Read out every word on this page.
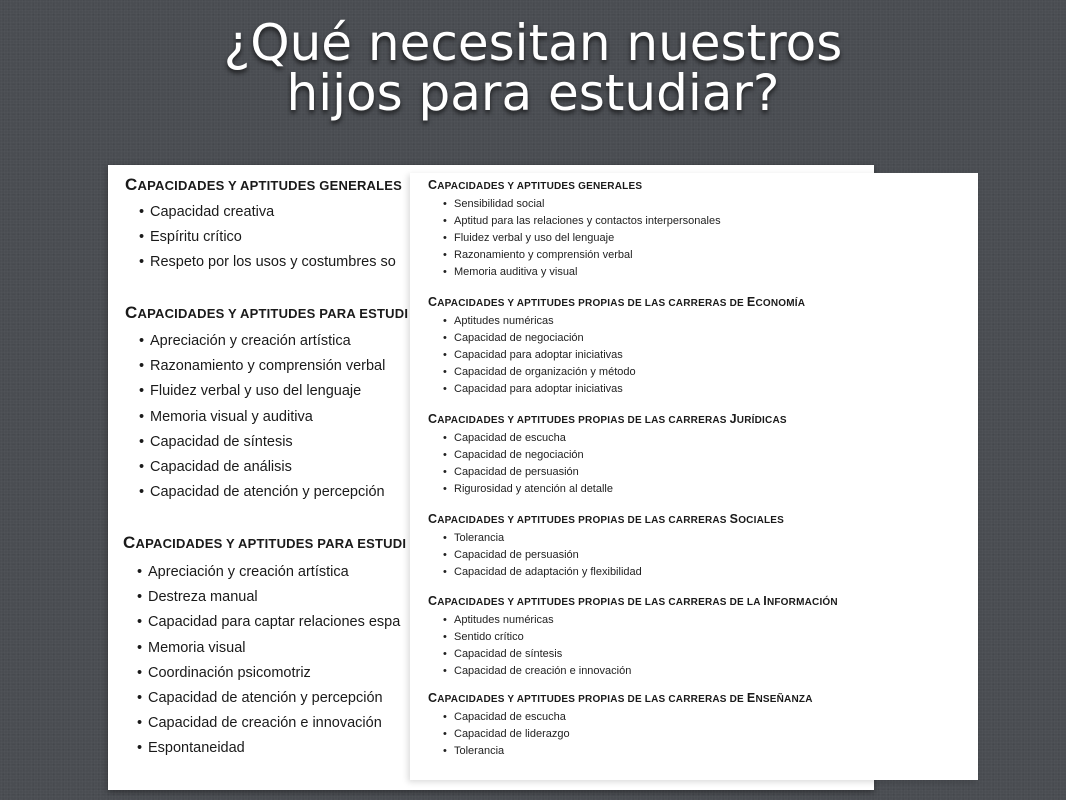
¿Qué necesitan nuestros
hijos para estudiar?
CAPACIDADES Y APTITUDES GENERALES
• Capacidad creativa
• Espíritu crítico
• Respeto por los usos y costumbres so
CAPACIDADES Y APTITUDES PARA ESTUDI
• Apreciación y creación artística
• Razonamiento y comprensión verbal
• Fluidez verbal y uso del lenguaje
• Memoria visual y auditiva
• Capacidad de síntesis
• Capacidad de análisis
• Capacidad de atención y percepción
CAPACIDADES Y APTITUDES PARA ESTUDI
• Apreciación y creación artística
• Destreza manual
• Capacidad para captar relaciones espa
• Memoria visual
• Coordinación psicomotriz
• Capacidad de atención y percepción
• Capacidad de creación e innovación
• Espontaneidad
CAPACIDADES Y APTITUDES GENERALES
• Sensibilidad social
• Aptitud para las relaciones y contactos interpersonales
• Fluidez verbal y uso del lenguaje
• Razonamiento y comprensión verbal
• Memoria auditiva y visual
CAPACIDADES Y APTITUDES PROPIAS DE LAS CARRERAS DE ECONOMÍA
• Aptitudes numéricas
• Capacidad de negociación
• Capacidad para adoptar iniciativas
• Capacidad de organización y método
• Capacidad para adoptar iniciativas
CAPACIDADES Y APTITUDES PROPIAS DE LAS CARRERAS JURÍDICAS
• Capacidad de escucha
• Capacidad de negociación
• Capacidad de persuasión
• Rigurosidad y atención al detalle
CAPACIDADES Y APTITUDES PROPIAS DE LAS CARRERAS SOCIALES
• Tolerancia
• Capacidad de persuasión
• Capacidad de adaptación y flexibilidad
CAPACIDADES Y APTITUDES PROPIAS DE LAS CARRERAS DE LA INFORMACIÓN
• Aptitudes numéricas
• Sentido crítico
• Capacidad de síntesis
• Capacidad de creación e innovación
CAPACIDADES Y APTITUDES PROPIAS DE LAS CARRERAS DE ENSEÑANZA
• Capacidad de escucha
• Capacidad de liderazgo
• Tolerancia
